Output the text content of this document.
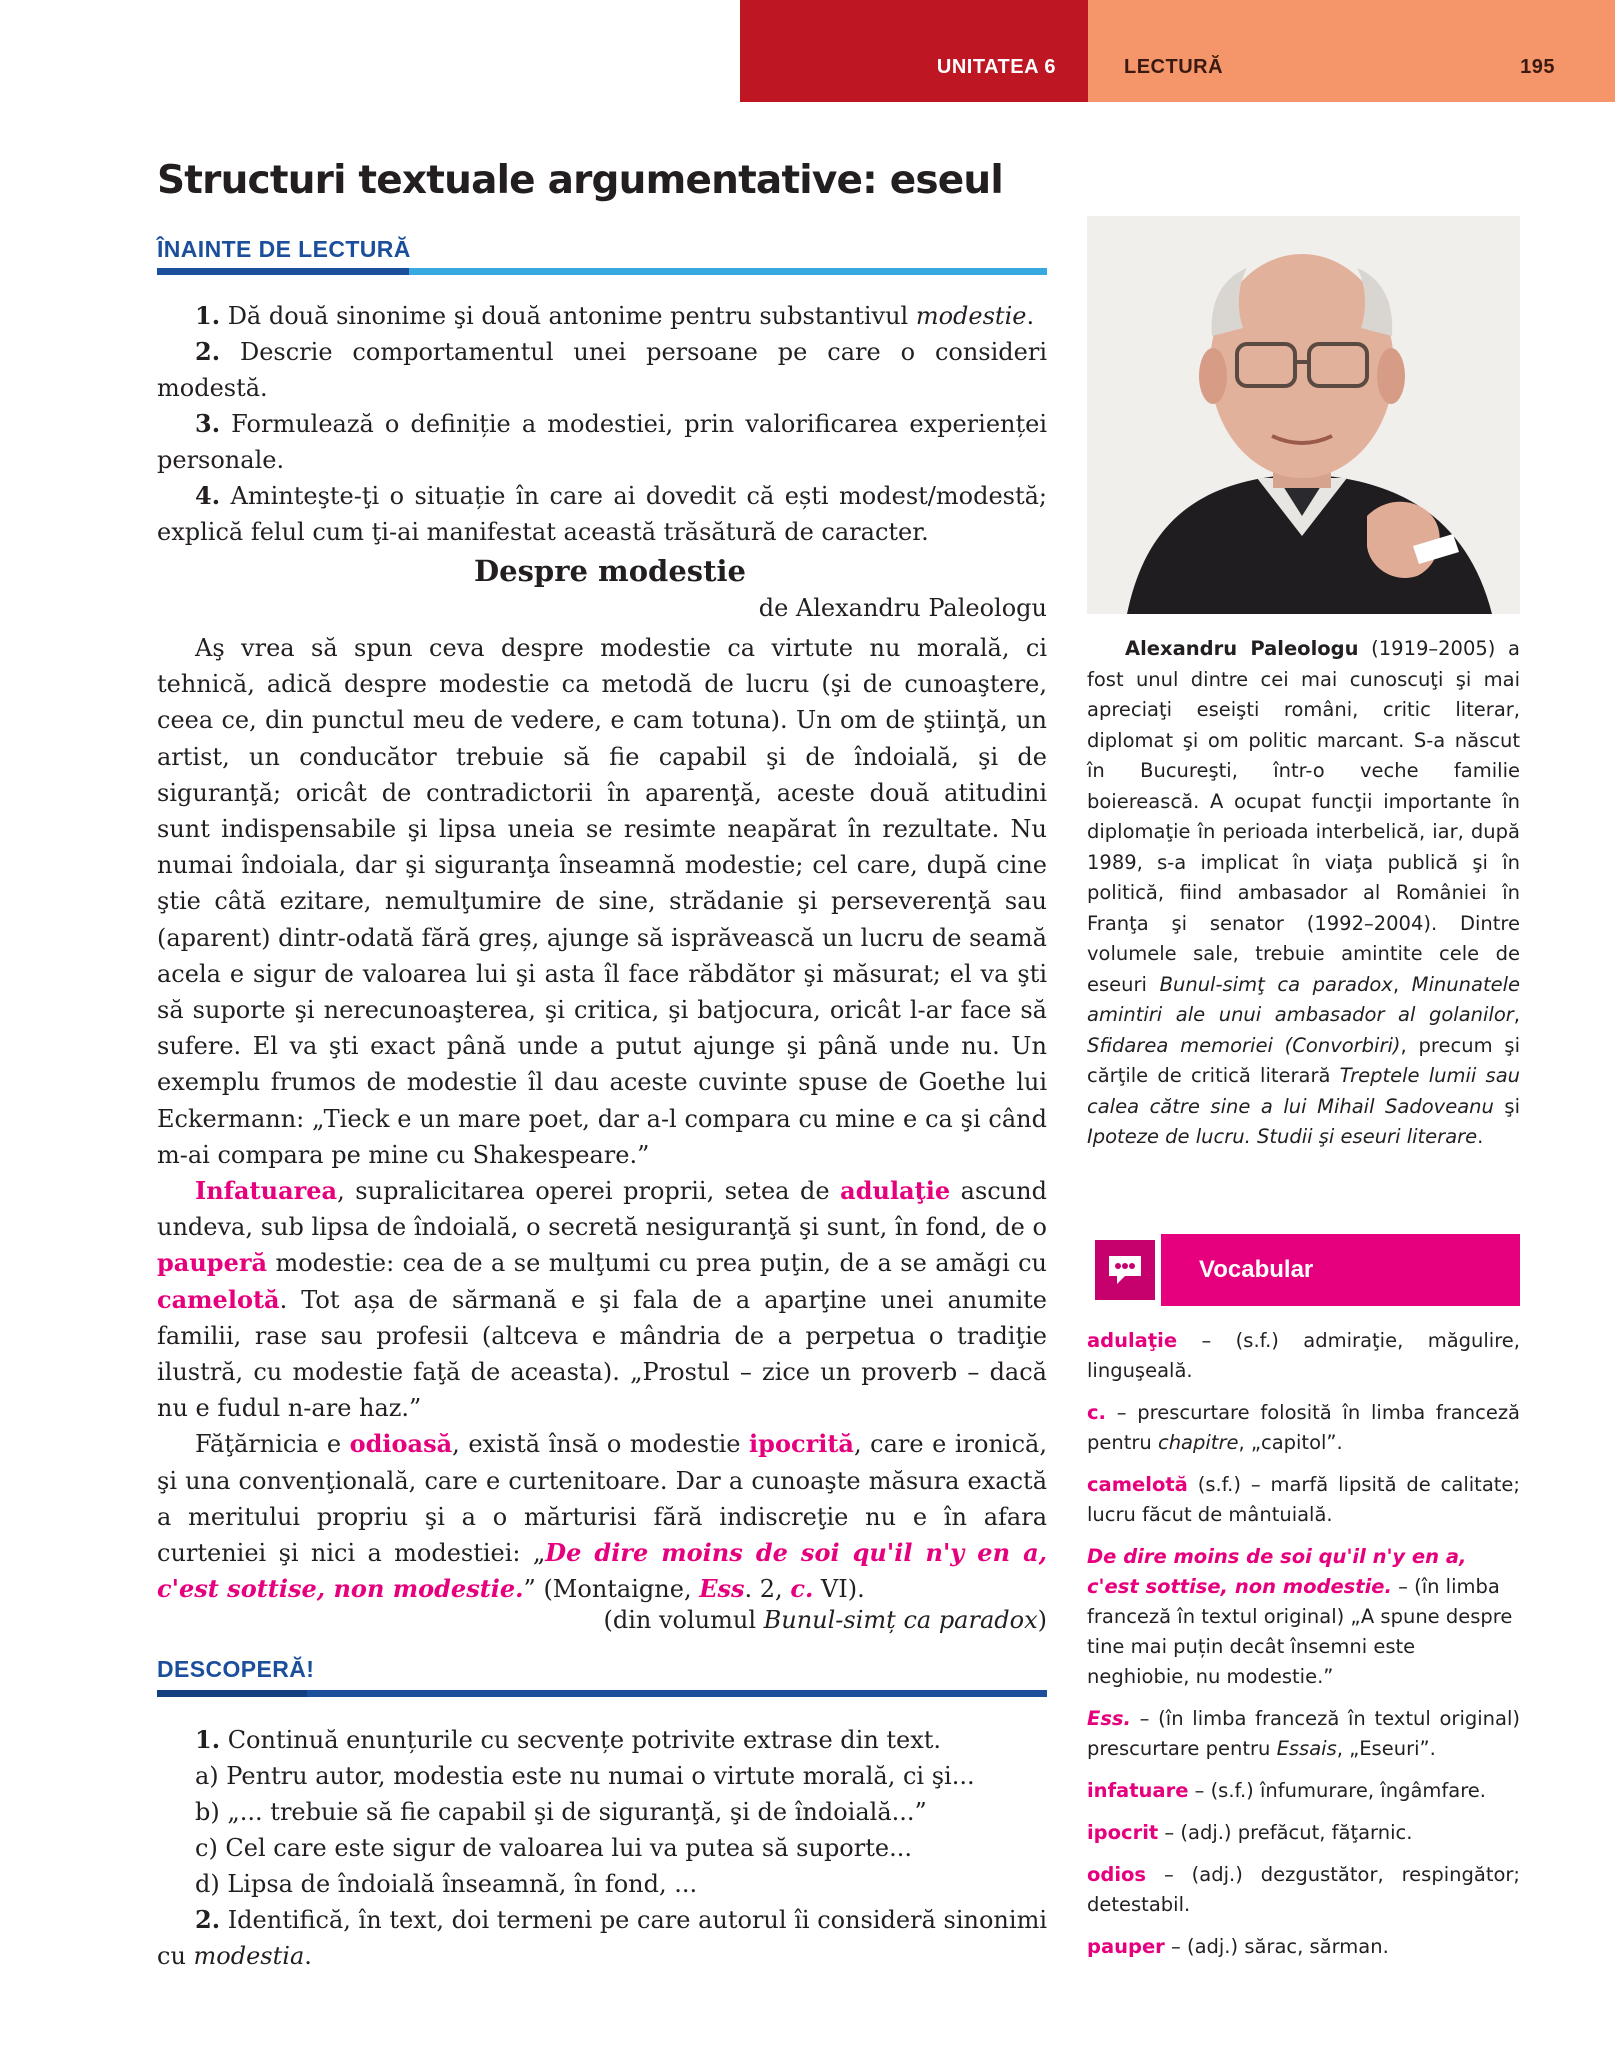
UNITATEA 6	LECTURĂ	195
Structuri textuale argumentative: eseul
ÎNAINTE DE LECTURĂ

1. Dă două sinonime şi două antonime pentru substantivul modestie.

2. Descrie comportamentul unei persoane pe care o consideri modestă.

3. Formulează o definiție a modestiei, prin valorificarea experienței personale.

4. Aminteşte-ţi o situație în care ai dovedit că ești modest/modestă; explică felul cum ţi-ai manifestat această trăsătură de caracter.

Despre modestie
de Alexandru Paleologu

Aş vrea să spun ceva despre modestie ca virtute nu morală, ci tehnică, adică despre modestie ca metodă de lucru (şi de cunoaştere, ceea ce, din punctul meu de vedere, e cam totuna). Un om de ştiinţă, un artist, un conducător trebuie să fie capabil şi de îndoială, şi de siguranţă; oricât de contradictorii în aparenţă, aceste două atitudini sunt indispensabile şi lipsa uneia se resimte neapărat în rezultate. Nu numai îndoiala, dar şi siguranţa înseamnă modestie; cel care, după cine ştie câtă ezitare, nemulţumire de sine, strădanie şi perseverenţă sau (aparent) dintr-odată fără greș, ajunge să isprăvească un lucru de seamă acela e sigur de valoarea lui şi asta îl face răbdător şi măsurat; el va şti să suporte şi nerecunoaşterea, şi critica, şi batjocura, oricât l-ar face să sufere. El va şti exact până unde a putut ajunge şi până unde nu. Un exemplu frumos de modestie îl dau aceste cuvinte spuse de Goethe lui Eckermann: „Tieck e un mare poet, dar a-l compara cu mine e ca şi când m-ai compara pe mine cu Shakespeare.”

Infatuarea, supralicitarea operei proprii, setea de adulaţie ascund undeva, sub lipsa de îndoială, o secretă nesiguranţă şi sunt, în fond, de o pauperă modestie: cea de a se mulţumi cu prea puţin, de a se amăgi cu camelotă. Tot așa de sărmană e şi fala de a aparţine unei anumite familii, rase sau profesii (altceva e mândria de a perpetua o tradiţie ilustră, cu modestie faţă de aceasta). „Prostul – zice un proverb – dacă nu e fudul n-are haz.”

Făţărnicia e odioasă, există însă o modestie ipocrită, care e ironică, şi una convenţională, care e curtenitoare. Dar a cunoaşte măsura exactă a meritului propriu şi a o mărturisi fără indiscreţie nu e în afara curteniei şi nici a modestiei: „De dire moins de soi qu'il n'y en a, c'est sottise, non modestie.” (Montaigne, Ess. 2, c. VI).

(din volumul Bunul-simț ca paradox)
DESCOPERĂ!

1. Continuă enunțurile cu secvențe potrivite extrase din text.

a) Pentru autor, modestia este nu numai o virtute morală, ci şi...

b) „... trebuie să fie capabil şi de siguranţă, şi de îndoială...”

c) Cel care este sigur de valoarea lui va putea să suporte...

d) Lipsa de îndoială înseamnă, în fond, ...

2. Identifică, în text, doi termeni pe care autorul îi consideră sinonimi cu modestia.

Alexandru Paleologu (1919–2005) a fost unul dintre cei mai cunoscuţi şi mai apreciaţi eseişti români, critic literar, diplomat şi om politic marcant. S-a născut în Bucureşti, într-o veche familie boierească. A ocupat funcţii importante în diplomaţie în perioada interbelică, iar, după 1989, s-a implicat în viaţa publică şi în politică, fiind ambasador al României în Franţa şi senator (1992–2004). Dintre volumele sale, trebuie amintite cele de eseuri Bunul-simţ ca paradox, Minunatele amintiri ale unui ambasador al golanilor, Sfidarea memoriei (Convorbiri), precum şi cărţile de critică literară Treptele lumii sau calea către sine a lui Mihail Sadoveanu şi Ipoteze de lucru. Studii şi eseuri literare.

Vocabular

adulaţie – (s.f.) admiraţie, măgulire, linguşeală.

c. – prescurtare folosită în limba franceză pentru chapitre, „capitol”.

camelotă (s.f.) – marfă lipsită de calitate; lucru făcut de mântuială.

De dire moins de soi qu'il n'y en a, c'est sottise, non modestie. – (în limba franceză în textul original) „A spune despre tine mai puțin decât însemni este neghiobie, nu modestie.”

Ess. – (în limba franceză în textul original) prescurtare pentru Essais, „Eseuri”.

infatuare – (s.f.) înfumurare, îngâmfare.

ipocrit – (adj.) prefăcut, făţarnic.

odios – (adj.) dezgustător, respingător; detestabil.

pauper – (adj.) sărac, sărman.
